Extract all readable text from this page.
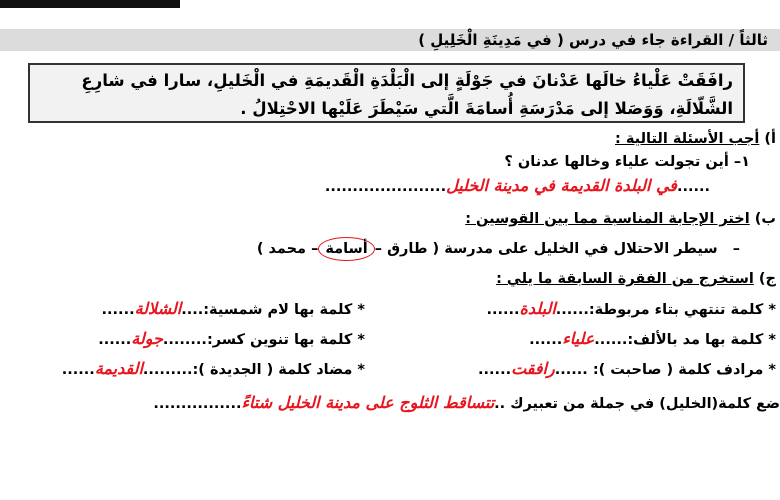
ثالثاً / القراءة جاء في درس ( في مَدِينَةِ الْخَلِيلِ )
رافَقَتْ عَلْياءُ خالَها عَدْنانَ في جَوْلَةٍ إلى الْبَلْدَةِ الْقَديمَةِ في الْخَليلِ، سارا في شارِعِ
الشَّلّالَةِ، وَوَصَلا إلى مَدْرَسَةِ أُسامَةَ الَّتي سَيْطَرَ عَلَيْها الاحْتِلالُ .
أ) أجب الأسئلة التالية :
١– أين تجولت علياء وخالها عدنان ؟
......في البلدة القديمة في مدينة الخليل......................
ب) اختر الإجابة المناسبة مما بين القوسين :
–   سيطر الاحتلال في الخليل على مدرسة ( طارق –أسامة– محمد )
ج) استخرج من الفقرة السابقة ما يلي :
* كلمة تنتهي بتاء مربوطة:......البلدة......
* كلمة بها لام شمسية:....الشلالة......
* كلمة بها مد بالألف:......علياء......
* كلمة بها تنوين كسر:........جولة......
* مرادف كلمة ( صاحبت ): ......رافقت......
* مضاد كلمة ( الجديدة ):.........القديمة......
ضع كلمة(الخليل) في جملة من تعبيرك ..تتساقط الثلوج على مدينة الخليل شتاءً................
